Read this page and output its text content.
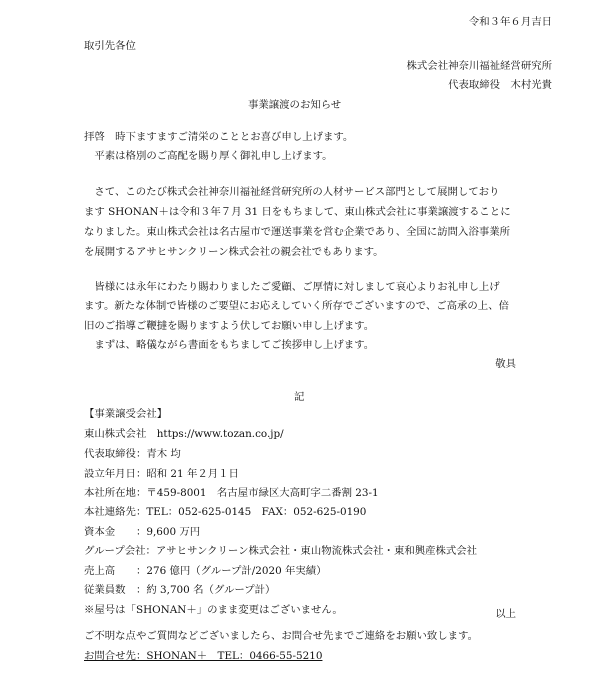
令和３年６月吉日
取引先各位
株式会社神奈川福祉経営研究所
代表取締役　木村光貴
事業譲渡のお知らせ
拝啓　時下ますますご清栄のこととお喜び申し上げます。
　平素は格別のご高配を賜り厚く御礼申し上げます。
　さて、このたび株式会社神奈川福祉経営研究所の人材サービス部門として展開しており
ます SHONAN＋は令和３年７月 31 日をもちまして、東山株式会社に事業譲渡することに
なりました。東山株式会社は名古屋市で運送事業を営む企業であり、全国に訪問入浴事業所
を展開するアサヒサンクリーン株式会社の親会社でもあります。
　皆様には永年にわたり賜わりましたご愛顧、ご厚情に対しまして哀心よりお礼申し上げ
ます。新たな体制で皆様のご要望にお応えしていく所存でございますので、ご高承の上、倍
旧のご指導ご鞭撻を賜りますよう伏してお願い申し上げます。
　まずは、略儀ながら書面をもちましてご挨拶申し上げます。
敬具
記
【事業譲受会社】
東山株式会社　https://www.tozan.co.jp/
代表取締役：青木 均
設立年月日：昭和 21 年２月１日
本社所在地：〒459-8001　名古屋市緑区大高町字二番割 23-1
本社連絡先：TEL：052-625-0145　FAX：052-625-0190
資本金　　：9,600 万円
グループ会社：アサヒサンクリーン株式会社・東山物流株式会社・東和興産株式会社
売上高　　：276 億円（グループ計/2020 年実績）
従業員数　：約 3,700 名（グループ計）
※屋号は「SHONAN＋」のまま変更はございません。	以上
ご不明な点やご質問などございましたら、お問合せ先までご連絡をお願い致します。
お問合せ先：SHONAN＋　TEL：0466-55-5210
